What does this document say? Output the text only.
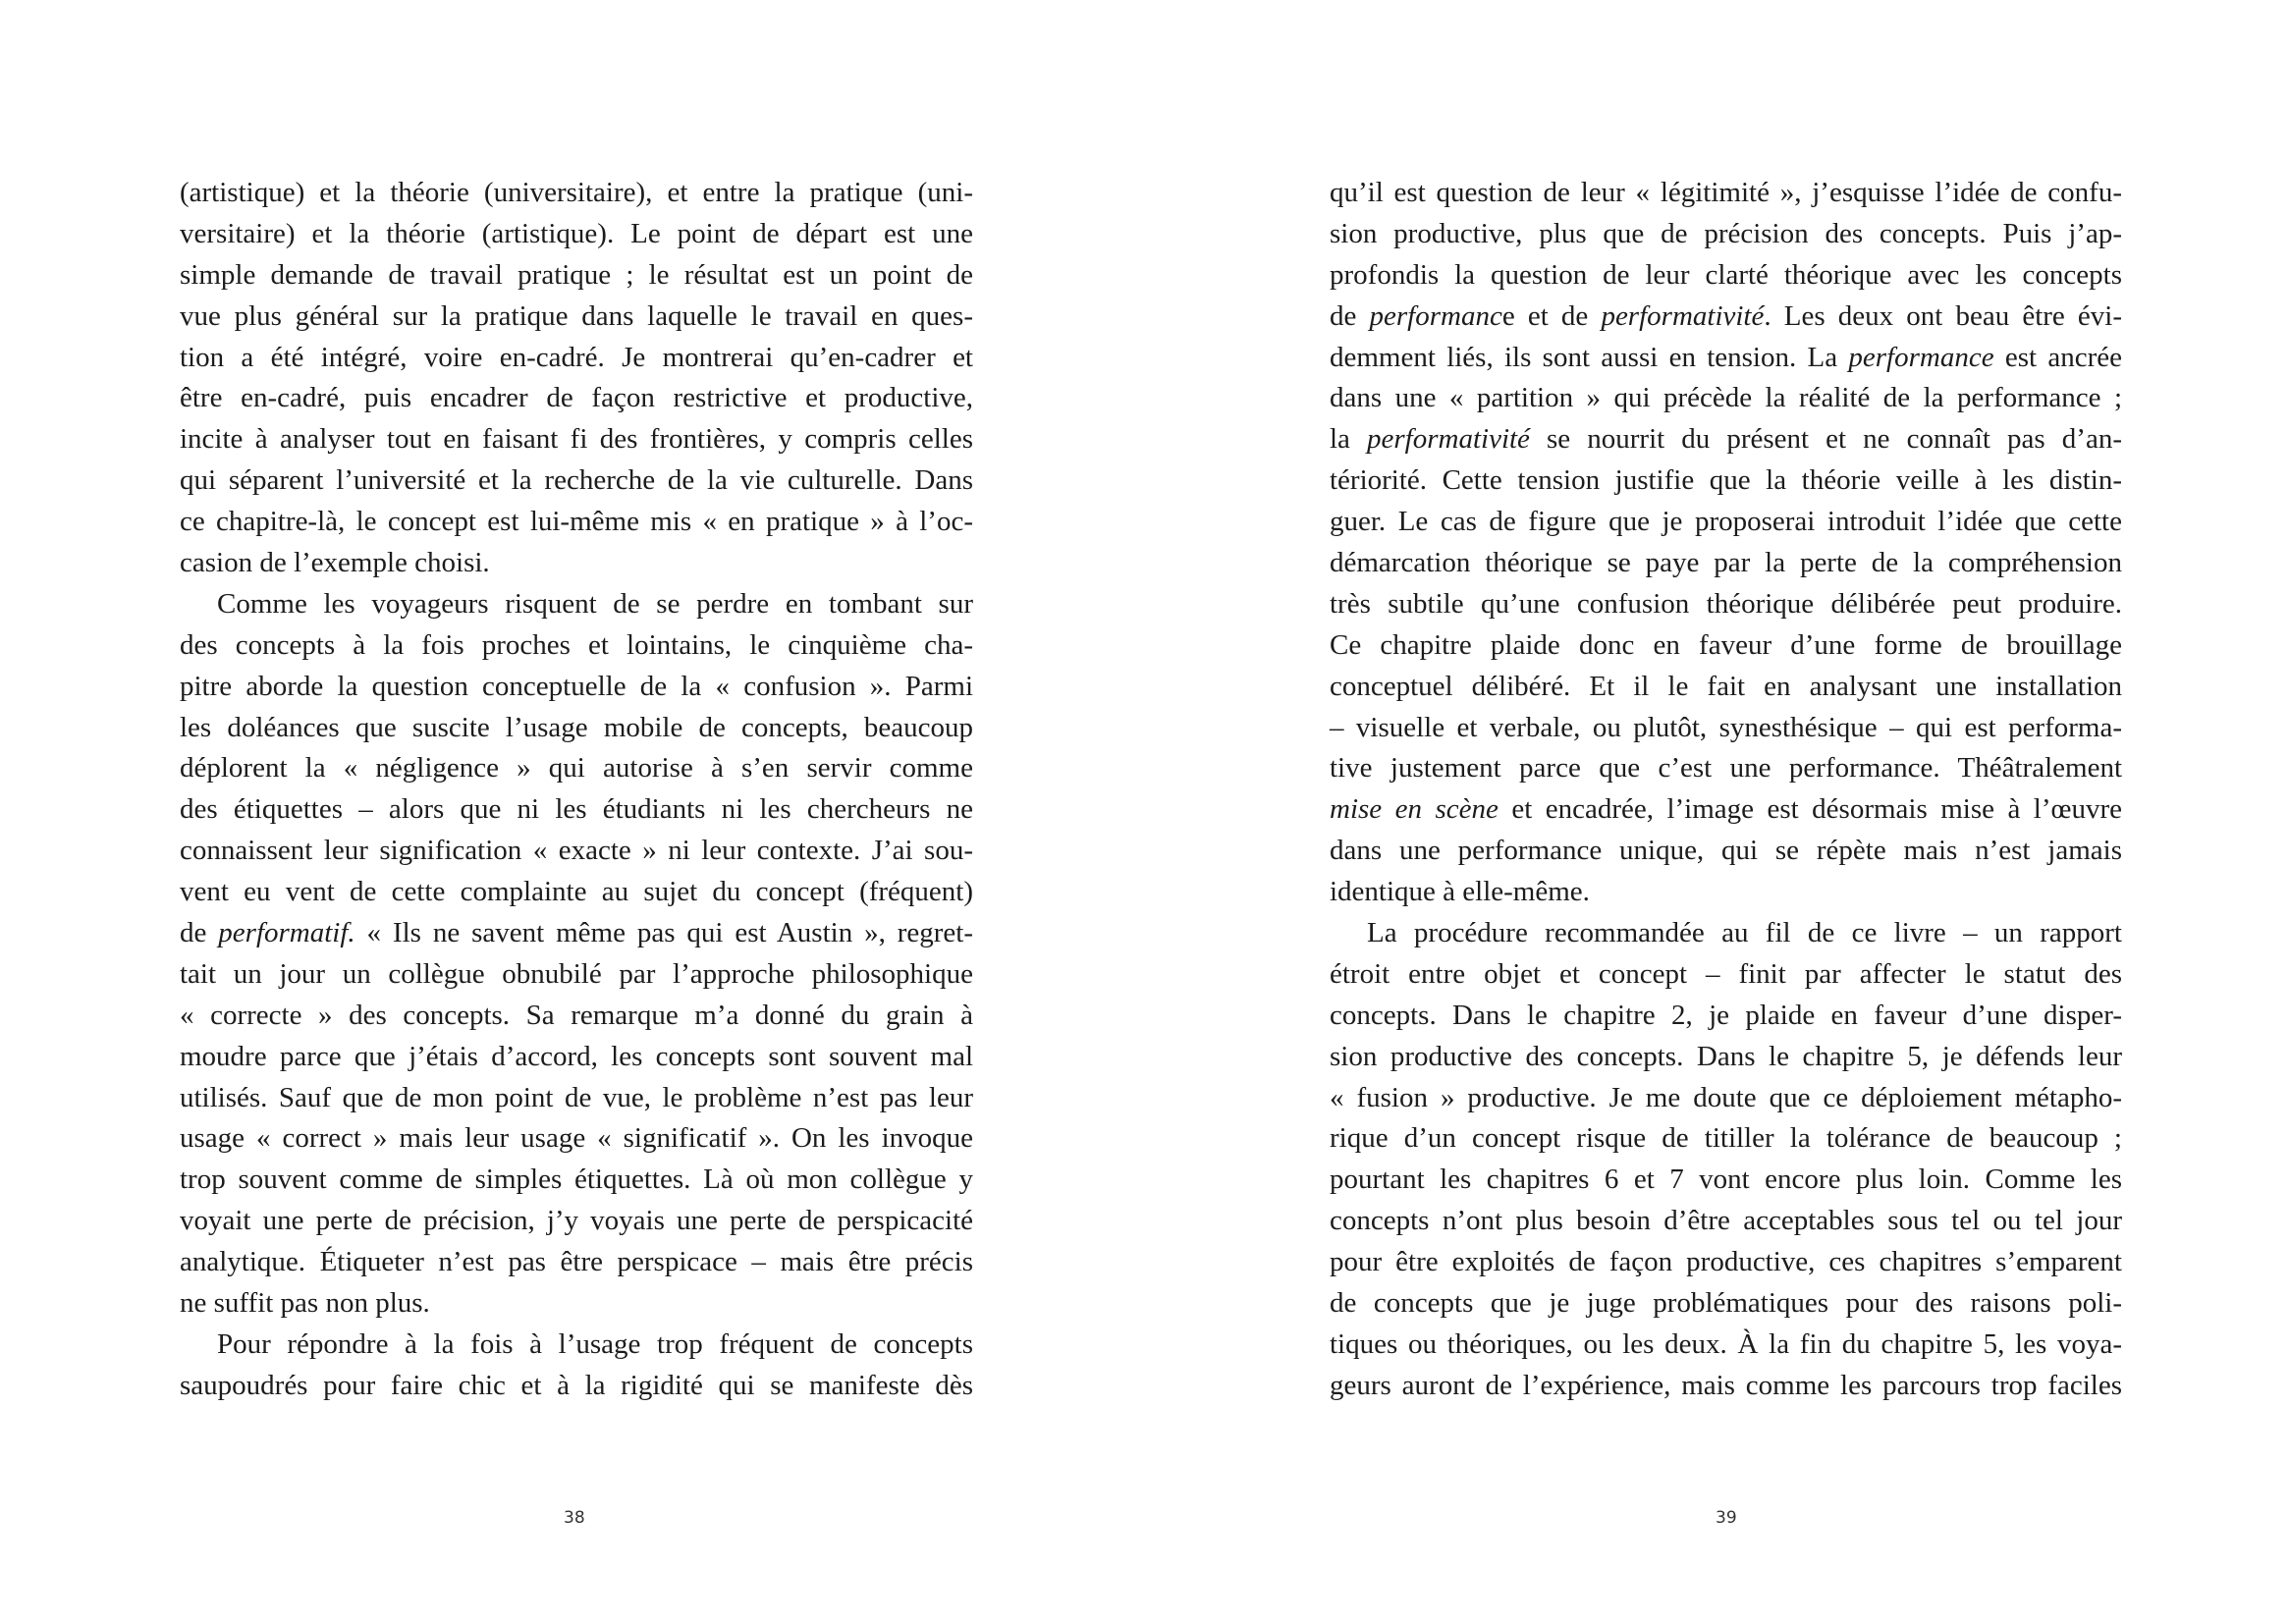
(artistique) et la théorie (universitaire), et entre la pratique (uni-
versitaire) et la théorie (artistique). Le point de départ est une
simple demande de travail pratique ; le résultat est un point de
vue plus général sur la pratique dans laquelle le travail en ques-
tion a été intégré, voire en-cadré. Je montrerai qu’en-cadrer et
être en-cadré, puis encadrer de façon restrictive et productive,
incite à analyser tout en faisant fi des frontières, y compris celles
qui séparent l’université et la recherche de la vie culturelle. Dans
ce chapitre-là, le concept est lui-même mis « en pratique » à l’oc-
casion de l’exemple choisi.
Comme les voyageurs risquent de se perdre en tombant sur
des concepts à la fois proches et lointains, le cinquième cha-
pitre aborde la question conceptuelle de la « confusion ». Parmi
les doléances que suscite l’usage mobile de concepts, beaucoup
déplorent la « négligence » qui autorise à s’en servir comme
des étiquettes – alors que ni les étudiants ni les chercheurs ne
connaissent leur signification « exacte » ni leur contexte. J’ai sou-
vent eu vent de cette complainte au sujet du concept (fréquent)
de performatif. « Ils ne savent même pas qui est Austin », regret-
tait un jour un collègue obnubilé par l’approche philosophique
« correcte » des concepts. Sa remarque m’a donné du grain à
moudre parce que j’étais d’accord, les concepts sont souvent mal
utilisés. Sauf que de mon point de vue, le problème n’est pas leur
usage « correct » mais leur usage « significatif ». On les invoque
trop souvent comme de simples étiquettes. Là où mon collègue y
voyait une perte de précision, j’y voyais une perte de perspicacité
analytique. Étiqueter n’est pas être perspicace – mais être précis
ne suffit pas non plus.
Pour répondre à la fois à l’usage trop fréquent de concepts
saupoudrés pour faire chic et à la rigidité qui se manifeste dès
38
qu’il est question de leur « légitimité », j’esquisse l’idée de confu-
sion productive, plus que de précision des concepts. Puis j’ap-
profondis la question de leur clarté théorique avec les concepts
de performance et de performativité. Les deux ont beau être évi-
demment liés, ils sont aussi en tension. La performance est ancrée
dans une « partition » qui précède la réalité de la performance ;
la performativité se nourrit du présent et ne connaît pas d’an-
tériorité. Cette tension justifie que la théorie veille à les distin-
guer. Le cas de figure que je proposerai introduit l’idée que cette
démarcation théorique se paye par la perte de la compréhension
très subtile qu’une confusion théorique délibérée peut produire.
Ce chapitre plaide donc en faveur d’une forme de brouillage
conceptuel délibéré. Et il le fait en analysant une installation
– visuelle et verbale, ou plutôt, synesthésique – qui est performa-
tive justement parce que c’est une performance. Théâtralement
mise en scène et encadrée, l’image est désormais mise à l’œuvre
dans une performance unique, qui se répète mais n’est jamais
identique à elle-même.
La procédure recommandée au fil de ce livre – un rapport
étroit entre objet et concept – finit par affecter le statut des
concepts. Dans le chapitre 2, je plaide en faveur d’une disper-
sion productive des concepts. Dans le chapitre 5, je défends leur
« fusion » productive. Je me doute que ce déploiement métapho-
rique d’un concept risque de titiller la tolérance de beaucoup ;
pourtant les chapitres 6 et 7 vont encore plus loin. Comme les
concepts n’ont plus besoin d’être acceptables sous tel ou tel jour
pour être exploités de façon productive, ces chapitres s’emparent
de concepts que je juge problématiques pour des raisons poli-
tiques ou théoriques, ou les deux. À la fin du chapitre 5, les voya-
geurs auront de l’expérience, mais comme les parcours trop faciles
39
